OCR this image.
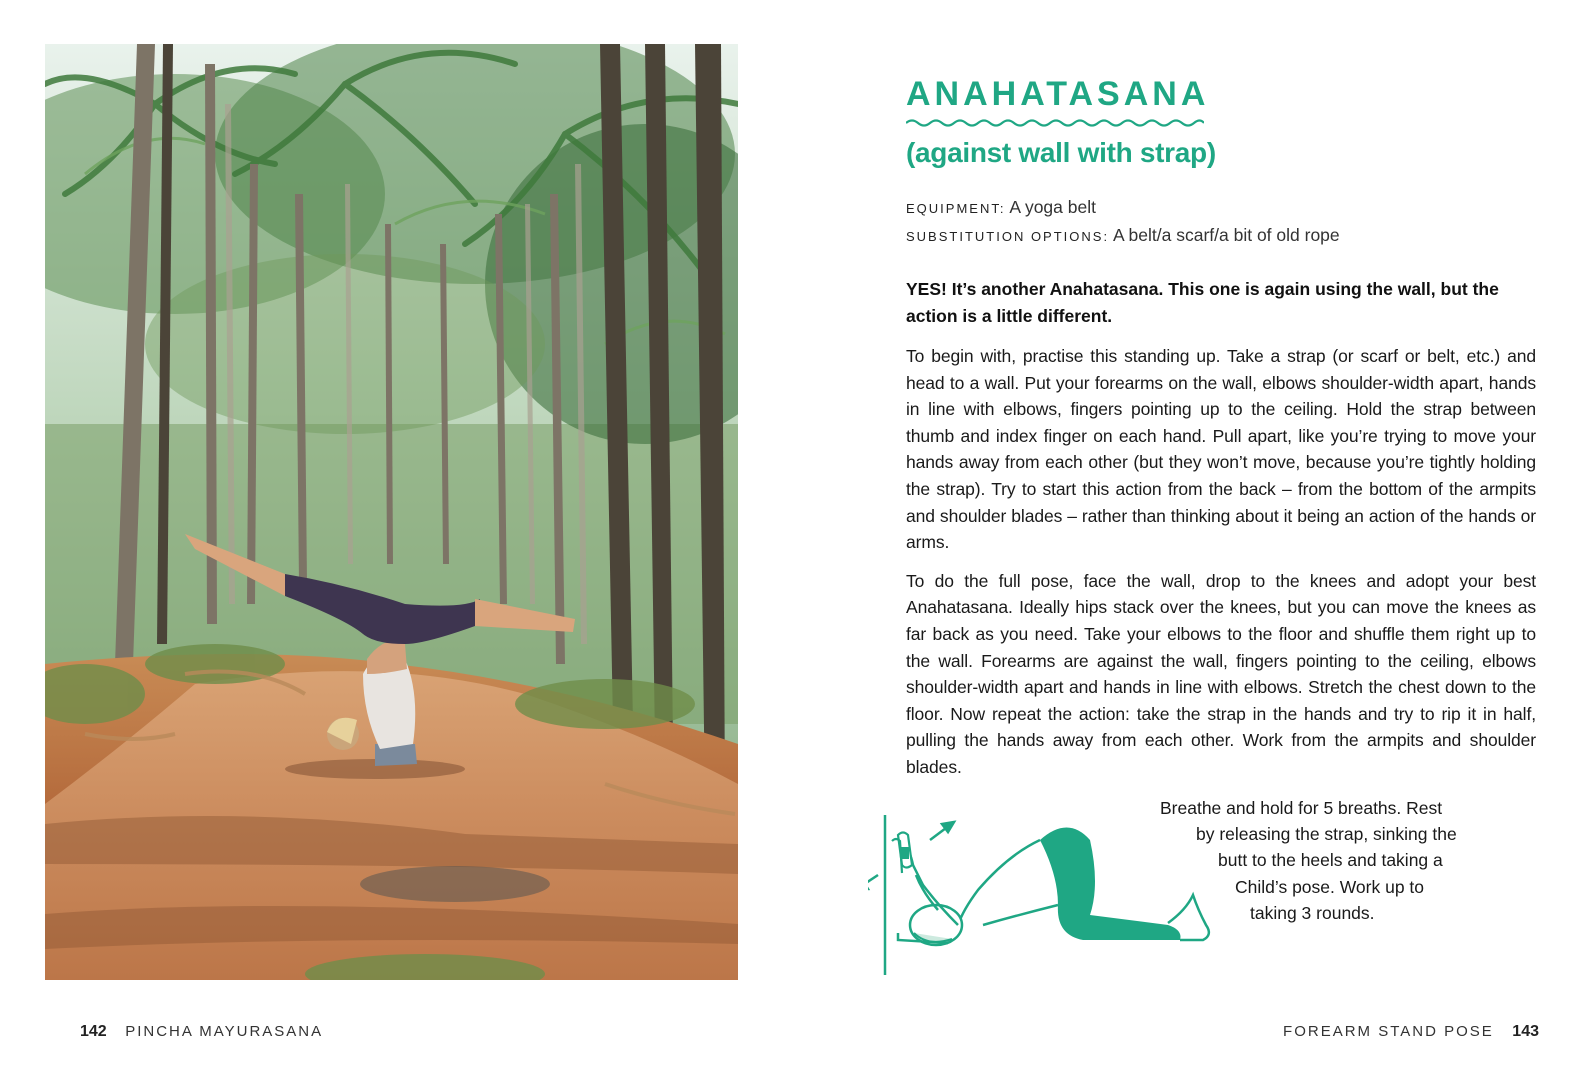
ANAHATASANA
(against wall with strap)
EQUIPMENT: A yoga belt
SUBSTITUTION OPTIONS: A belt/a scarf/a bit of old rope

YES! It’s another Anahatasana. This one is again using the wall, but the action is a little different.

To begin with, practise this standing up. Take a strap (or scarf or belt, etc.) and head to a wall. Put your forearms on the wall, elbows shoulder-width apart, hands in line with elbows, fingers pointing up to the ceiling. Hold the strap between thumb and index finger on each hand. Pull apart, like you’re trying to move your hands away from each other (but they won’t move, because you’re tightly holding the strap). Try to start this action from the back – from the bottom of the armpits and shoulder blades – rather than thinking about it being an action of the hands or arms.

To do the full pose, face the wall, drop to the knees and adopt your best Anahatasana. Ideally hips stack over the knees, but you can move the knees as far back as you need. Take your elbows to the floor and shuffle them right up to the wall. Forearms are against the wall, fingers pointing to the ceiling, elbows shoulder-width apart and hands in line with elbows. Stretch the chest down to the floor. Now repeat the action: take the strap in the hands and try to rip it in half, pulling the hands away from each other. Work from the armpits and shoulder blades.

Breathe and hold for 5 breaths. Rest
by releasing the strap, sinking the
butt to the heels and taking a
Child’s pose. Work up to
taking 3 rounds.
142 PINCHA MAYURASANA	FOREARM STAND POSE 143
